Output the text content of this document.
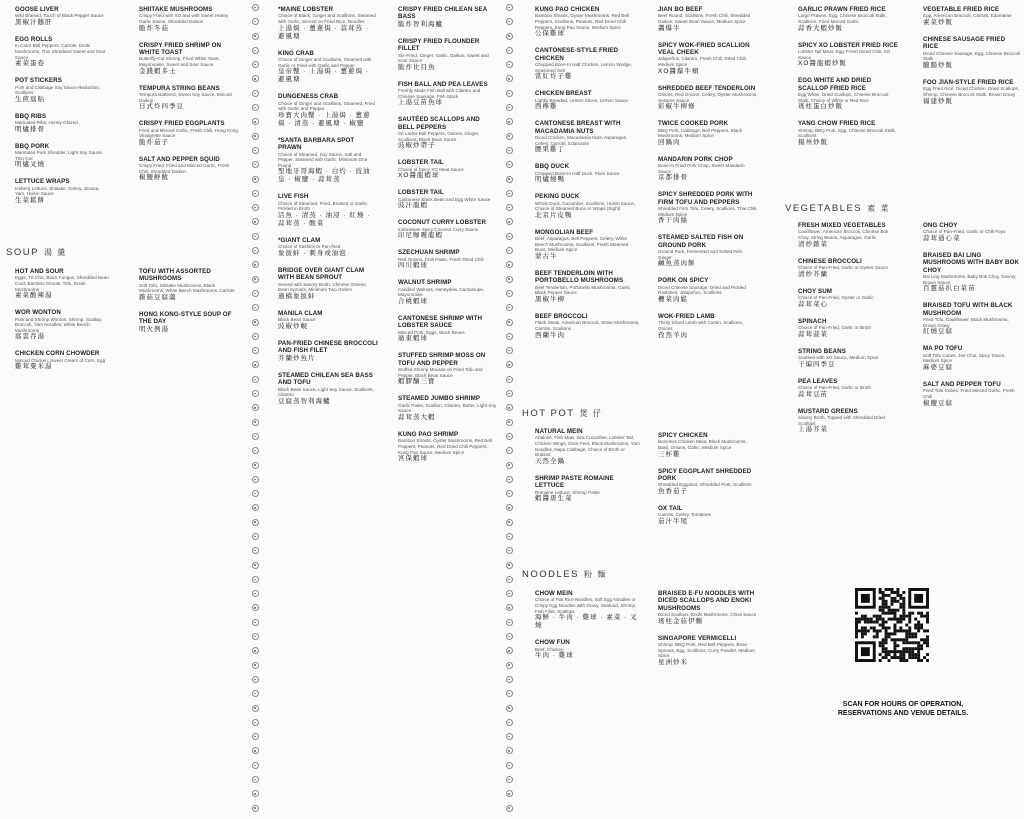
SOUP 湯 羹
HOT POT 煲 仔
NOODLES 粉 麵
VEGETABLES 素 菜
GOOSE LIVER
Wild Braised, Touch of Black Pepper Sauce
黑椒汁鵝肝
EGG ROLLS
In-Color Bell Peppers, Carrots, Enoki Mushrooms, Thin Shredded Sweet and Sour Sauce
素菜蛋卷
POT STICKERS
Pork and Cabbage Soy Sauce Reduction, Scallions
生煎窩貼
BBQ RIBS
Marinated Ribs, Honey-Glazed
明爐排骨
BBQ PORK
Marinated Pork Shoulder, Light Soy Sauce, Thin-Cut
明爐叉燒
LETTUCE WRAPS
Iceberg Lettuce, Shiitake, Celery, Jicama, Yam, Hoisin Sauce
生菜鬆餅
HOT AND SOUR
Eggs, Tri-Chic, Black Fungus, Shredded Bean Curd, Bamboo Shoots, Tofu, Enoki Mushrooms
素菜酸辣湯
WOR WONTON
Pork and Shrimp Wonton, Shrimp, Scallop, Broccoli, Yam Noodles, White Beech Mushrooms
窩雲吞湯
CHICKEN CORN CHOWDER
Minced Chicken, Sweet Cream of Corn, Egg
雞茸粟米湯
SHIITAKE MUSHROOMS
Crispy Fried with XO and with Sweet Honey Garlic Sauce, Shredded Daikon
脆炸冬菇
CRISPY FRIED SHRIMP ON WHITE TOAST
Butterfly-Cut Shrimp, Fried White Toast, Mayonnaise, Sweet and Sour Sauce
金錢蝦多士
TEMPURA STRING BEANS
Tempura Battered, Sweet Soy Sauce, Minced Daikon
日式炸四季豆
CRISPY FRIED EGGPLANTS
Fried and Minced Garlic, Fresh Chili, Hong Kong Vinaigrette Sauce
脆炸茄子
SALT AND PEPPER SQUID
Crispy Fried, Fried and Minced Garlic, Fresh Chili, Shredded Daikon
椒鹽鮮魷
TOFU WITH ASSORTED MUSHROOMS
Soft Tofu, Shiitake Mushrooms, Black Mushrooms, White Beech Mushrooms, Carrots
雜菇豆腐羹
HONG KONG-STYLE SOUP OF THE DAY
明火例湯
*MAINE LOBSTER
Choice of Black, Ginger and Scallions, Steamed with Garlic, Served on Fried Rice, Noodles
上湯焗 · 薑蔥焗 · 蒜茸蒸 · 避風塘
KING CRAB
Choice of Ginger and Scallions, Steamed with Garlic or Fried with Garlic and Pepper
皇帝蟹 · 上湯焗 · 薑蔥焗 · 避風塘
DUNGENESS CRAB
Choice of Ginger and Scallions, Steamed, Fried with Garlic and Pepper
珍寶大肉蟹 · 上湯焗 · 薑蔥焗 · 清蒸 · 避風塘 · 椒鹽
*SANTA BARBARA SPOT PRAWN
Choice of Steamed, Soy Sauce, Salt and Pepper, Steamed with Garlic, Minimum One Pound
聖地牙哥海蝦 · 白灼 · 豉油皇 · 椒鹽 · 蒜茸蒸
LIVE FISH
Choice of Steamed, Fried, Braised or Garlic-Pickled in Broth
活魚 · 清蒸 · 油浸 · 紅燒 · 蒜茸蒸 · 酸菜
*GIANT CLAM
Choice of Sashimi or Pan-fried
象拔蚌 · 刺身或油泡
BRIDGE OVER GIANT CLAM WITH BEAN SPROUT
Served with Savory Broth, Chinese Greens, Bean Sprouts, Minimum Two Orders
過橋象拔蚌
MANILA CLAM
Black Bean Sauce
豉椒炒蜆
PAN-FRIED CHINESE BROCCOLI AND FISH FILET
芥蘭炒魚片
STEAMED CHILEAN SEA BASS AND TOFU
Black Bean Sauce, Light Soy Sauce, Scallions, Cilantro
豆腐蒸智利海鱸
CRISPY FRIED CHILEAN SEA BASS
脆炸智利海鱸
CRISPY FRIED FLOUNDER FILLET
Stir-Fried, Ginger, Garlic, Daikon, Sweet and Sour Sauce
脆炸比目魚
FISH BALL AND PEA LEAVES
Freshly Made Fish Ball with Cilantro and Chinese Sausage, Fish Stock
上湯豆苗魚球
SAUTÉED SCALLOPS AND BELL PEPPERS
Sri Lanka Bell Peppers, Onions, Ginger, Scallions, Black Bean Sauce
豉椒炒帶子
LOBSTER TAIL
Choice of Spicy XO Meat Sauce
XO醬龍蝦球
LOBSTER TAIL
Cantonese Black Bean and Egg White Sauce
豉汁龍蝦
COCONUT CURRY LOBSTER
Indonesian Spicy Coconut Curry Sauce
印尼咖喱龍蝦
SZECHUAN SHRIMP
Red Onions, Chili Paste, Fresh Dried Chili
四川蝦球
WALNUT SHRIMP
Candied Walnuts, Honeydew, Cantaloupe, Mayonnaise
合桃蝦球
CANTONESE SHRIMP WITH LOBSTER SAUCE
Minced Pork, Eggs, Black Beans
廣東蝦球
STUFFED SHRIMP MOSS ON TOFU AND PEPPER
Stuffed Shrimp Mousse on Fried Tofu and Pepper, Black Bean Sauce
蝦膠釀三寶
STEAMED JUMBO SHRIMP
Garlic Paste, Scallion, Cilantro, Butter, Light Soy Sauce
蒜茸蒸大蝦
KUNG PAO SHRIMP
Bamboo Shoots, Oyster Mushrooms, Red Bell Peppers, Peanuts, Red Dried Chili Peppers, Kung Pao Sauce, Medium Spice
宮保蝦球
KUNG PAO CHICKEN
Bamboo Shoots, Oyster Mushrooms, Red Bell Peppers, Scallions, Peanuts, Red Dried Chili Peppers, Kung Pao Sauce, Medium Spice
公保雞球
CANTONESE-STYLE FRIED CHICKEN
Chopped Bone-In Half Chicken, Lemon Wedge, Seasoned Salt
當紅炸子雞
CHICKEN BREAST
Lightly Breaded, Lemon Slices, Lemon Sauce
西檸雞
CANTONESE BREAST WITH MACADAMIA NUTS
Diced Chicken, Macadamia Nuts, Asparagus, Celery, Carrots, Edamame
腰果雞丁
BBQ DUCK
Chopped Bone-In Half Duck, Plum Sauce
明爐燒鴨
PEKING DUCK
Whole Duck, Cucumber, Scallions, Hoisin Sauce, Choice of Steamed Buns or Wraps (Eight)
北京片皮鴨
MONGOLIAN BEEF
Beef, Asparagus, Bell Peppers, Celery, White Beech Mushrooms, Scallions, Fresh Steamed Buns, Medium Spice
蒙古牛
BEEF TENDERLOIN WITH PORTOBELLO MUSHROOMS
Beef Tenderloin, Portobello Mushrooms, Garlic, Black Pepper Sauce
黑椒牛柳
BEEF BROCCOLI
Flank Steak, American Broccoli, Straw Mushrooms, Carrots, Scallions
西蘭牛肉
NATURAL MEIN
Abalone, Fish Maw, Sea Cucumber, Lobster Tail, Chicken Wings, Duck Feet, Black Mushrooms, Yam Noodles, Napa Cabbage, Choice of Broth or Braised
天然全鍋
SHRIMP PASTE ROMAINE LETTUCE
Romaine Lettuce, Shrimp Paste
蝦醬唐生菜
CHOW MEIN
Choice of Flat Rice Noodles, Soft Egg Noodles or Crispy Egg Noodles with Gravy, Seafood, Shrimp, Fish Fillet, Scallops
海鮮 · 牛肉 · 雞球 · 素菜 · 叉燒
CHOW FUN
Beef, Chicken
牛肉 · 雞球
JIAN BO BEEF
Beef Round, Scallions, Fresh Chili, Shredded Daikon, Sweet Bean Sauce, Medium Spice
醬爆牛
SPICY WOK-FRIED SCALLION VEAL CHEEK
Jalapeños, Cilantro, Fresh Chili, Dried Chili, Medium Spice
XO醬爆牛頰
SHREDDED BEEF TENDERLOIN
Onions, Red Onions, Celery, Oyster Mushrooms, Sesame Sauce
彩椒牛柳條
TWICE COOKED PORK
BBQ Pork, Cabbage, Bell Peppers, Black Mushrooms, Medium Spice
回鍋肉
MANDARIN PORK CHOP
Bone-In Fried Pork Chop, Sweet Mandarin Sauce
京都排骨
SPICY SHREDDED PORK WITH FIRM TOFU AND PEPPERS
Shredded Firm Tofu, Celery, Scallions, Thai Chili, Medium Spice
香干肉絲
STEAMED SALTED FISH ON GROUND PORK
Ground Pork, Fermented and Salted Fish, Ginger
鹹魚蒸肉餅
PORK ON SPICY
Diced Chinese Sausage, Dried and Pickled Radishes, Jalapeños, Scallions
欖菜肉鬆
WOK-FRIED LAMB
Thinly Sliced Lamb with Cumin, Scallions, Onions
孜然羊肉
SPICY CHICKEN
Boneless Chicken Meat, Black Mushrooms, Basil, Onions, Garlic, Medium Spice
三杯雞
SPICY EGGPLANT SHREDDED PORK
Shredded Eggplant, Shredded Pork, Scallions
魚香茄子
OX TAIL
Carrots, Celery, Tomatoes
茄汁牛尾
BRAISED E-FU NOODLES WITH DICED SCALLOPS AND ENOKI MUSHROOMS
Diced Scallops, Enoki Mushrooms, Chive Sauce
瑤柱金菇伊麵
SINGAPORE VERMICELLI
Shrimp, BBQ Pork, Red Bell Peppers, Bean Sprouts, Egg, Scallions, Curry Powder, Medium Spice
星洲炒米
GARLIC PRAWN FRIED RICE
Large Prawns, Egg, Chinese Broccoli Stalk, Scallions, Fried Minced Garlic
蒜香大蝦炒飯
SPICY XO LOBSTER FRIED RICE
Lobster Tail Meat, Egg, Fresh Diced Chili, XO Sauce
XO醬龍蝦炒飯
EGG WHITE AND DRIED SCALLOP FRIED RICE
Egg White, Dried Scallops, Chinese Broccoli Stalk, Choice of White or Red Rice
瑤柱蛋白炒飯
YANG CHOW FRIED RICE
Shrimp, BBQ Pork, Egg, Chinese Broccoli Stalk, Scallions
揚州炒飯
FRESH MIXED VEGETABLES
Cauliflower, American Broccoli, Chinese Bok Choy, String Beans, Asparagus, Garlic
清炒雜菜
CHINESE BROCCOLI
Choice of Pan-Fried, Garlic or Oyster Sauce
清炒芥蘭
CHOY SUM
Choice of Pan-Fried, Oyster or Garlic
蒜茸菜心
SPINACH
Choice of Pan-Fried, Garlic or Broth
蒜茸菠菜
STRING BEANS
Sautéed with XO Sauce, Medium Spice
干煸四季豆
PEA LEAVES
Choice of Pan-Fried, Garlic or Broth
蒜茸豆苗
MUSTARD GREENS
Savory Broth, Topped with Shredded Dried Scallops
上湯芥菜
VEGETABLE FRIED RICE
Egg, American Broccoli, Carrots, Edamame
素菜炒飯
CHINESE SAUSAGE FRIED RICE
Diced Chinese Sausage, Egg, Chinese Broccoli Stalk
臘腸炒飯
FOO JIAN-STYLE FRIED RICE
Egg Fried Rice, Diced Chicken, Dried Scallops, Shrimp, Chinese Broccoli Stalk, Brown Gravy
福建炒飯
ONG CHOY
Choice of Pan-Fried, Garlic or Chili Foyu
蒜茸通心菜
BRAISED BAI LING MUSHROOMS WITH BABY BOK CHOY
Bai Ling Mushrooms, Baby Bok Choy, Savory Brown Sauce
百靈菇扒白菜苗
BRAISED TOFU WITH BLACK MUSHROOM
Fried Tofu, Cauliflower, Black Mushrooms, Brown Gravy
紅燒豆腐
MA PO TOFU
Soft Tofu Cubes, Joe Choi, Spicy Sauce, Medium Spice
麻婆豆腐
SALT AND PEPPER TOFU
Fried Tofu Cubes, Fried Minced Garlic, Fresh Chili
椒鹽豆腐
SCAN FOR HOURS OF OPERATION, RESERVATIONS AND VENUE DETAILS.
